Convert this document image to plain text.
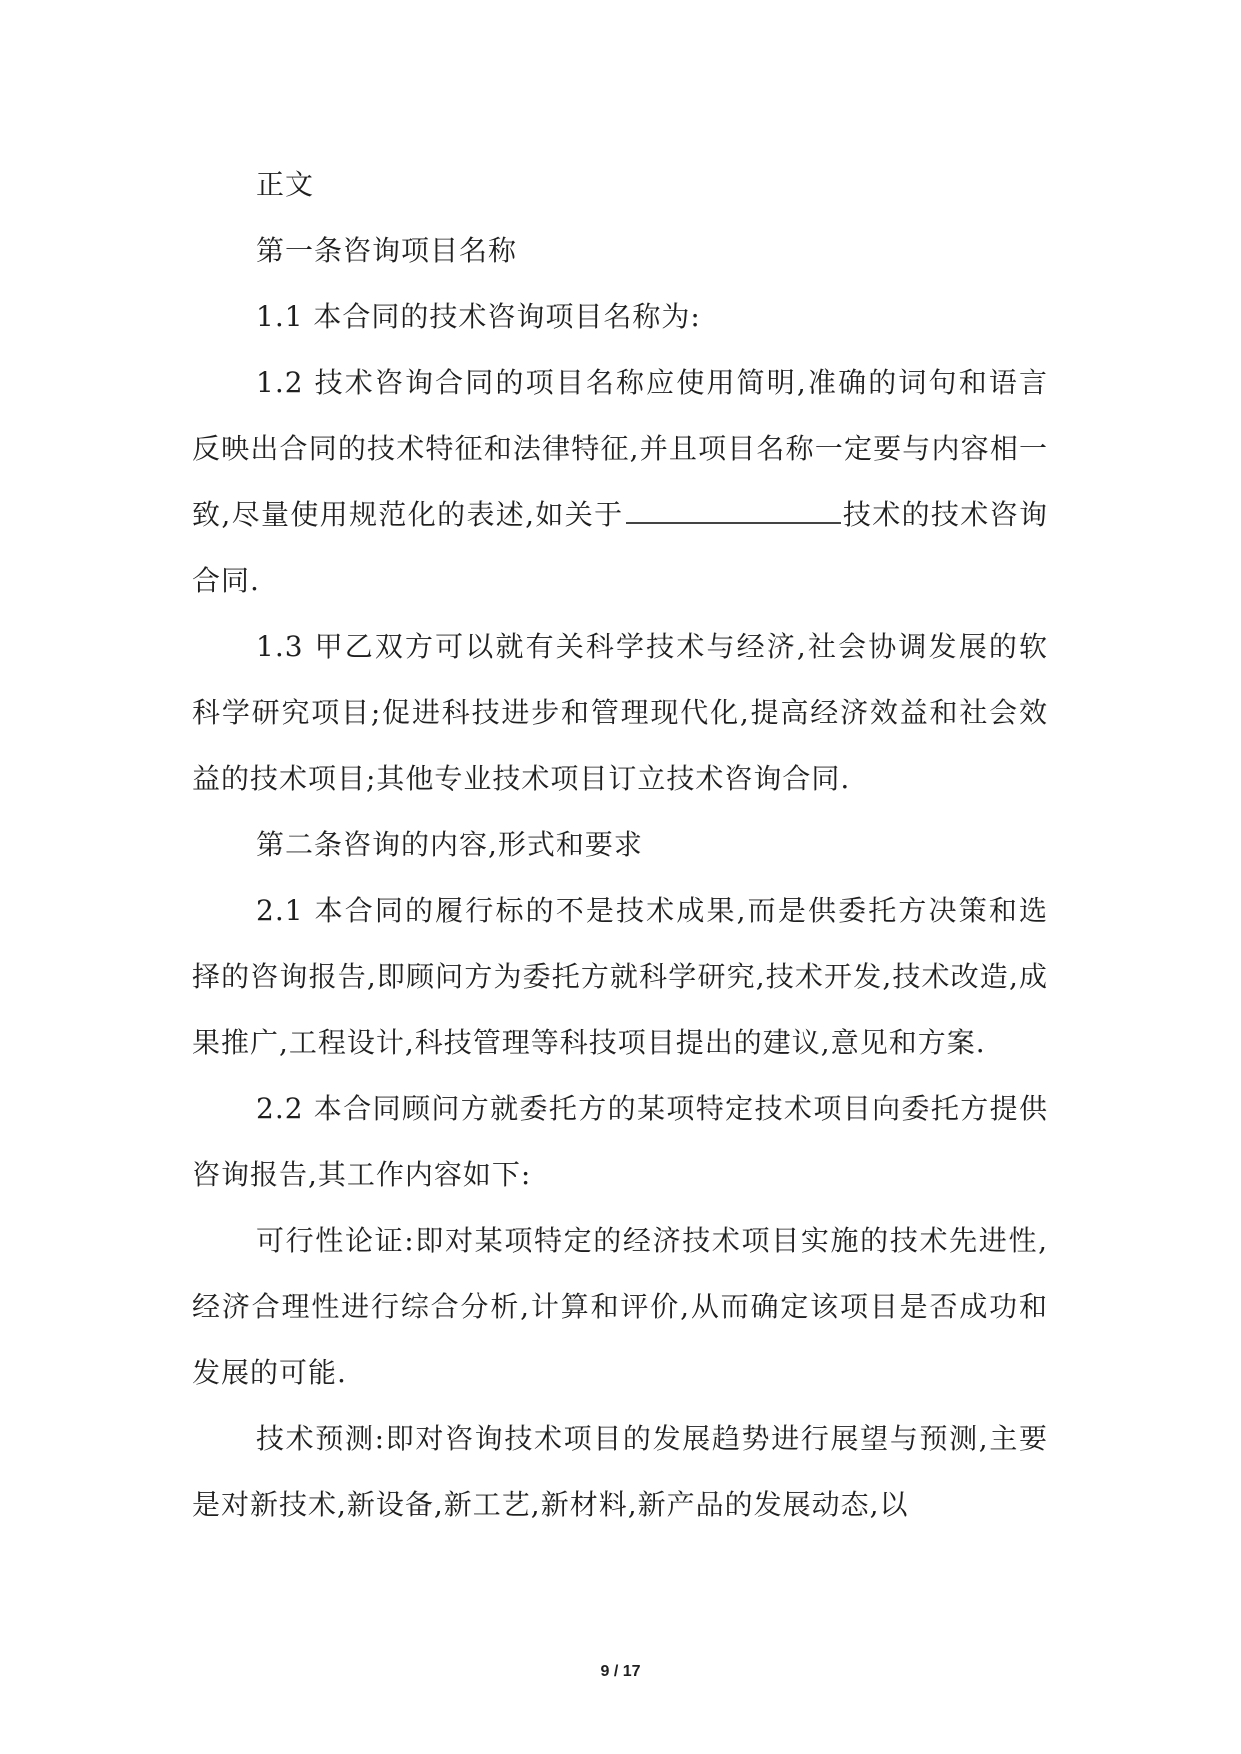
正文

第一条咨询项目名称

1.1 本合同的技术咨询项目名称为:

1.2 技术咨询合同的项目名称应使用简明,准确的词句和语言反映出合同的技术特征和法律特征,并且项目名称一定要与内容相一致,尽量使用规范化的表述,如关于	技术的技术咨询合同.

1.3 甲乙双方可以就有关科学技术与经济,社会协调发展的软科学研究项目;促进科技进步和管理现代化,提高经济效益和社会效益的技术项目;其他专业技术项目订立技术咨询合同.

第二条咨询的内容,形式和要求

2.1 本合同的履行标的不是技术成果,而是供委托方决策和选择的咨询报告,即顾问方为委托方就科学研究,技术开发,技术改造,成果推广,工程设计,科技管理等科技项目提出的建议,意见和方案.

2.2 本合同顾问方就委托方的某项特定技术项目向委托方提供咨询报告,其工作内容如下:

可行性论证:即对某项特定的经济技术项目实施的技术先进性,经济合理性进行综合分析,计算和评价,从而确定该项目是否成功和发展的可能.

技术预测:即对咨询技术项目的发展趋势进行展望与预测,主要是对新技术,新设备,新工艺,新材料,新产品的发展动态,以

9 / 17
